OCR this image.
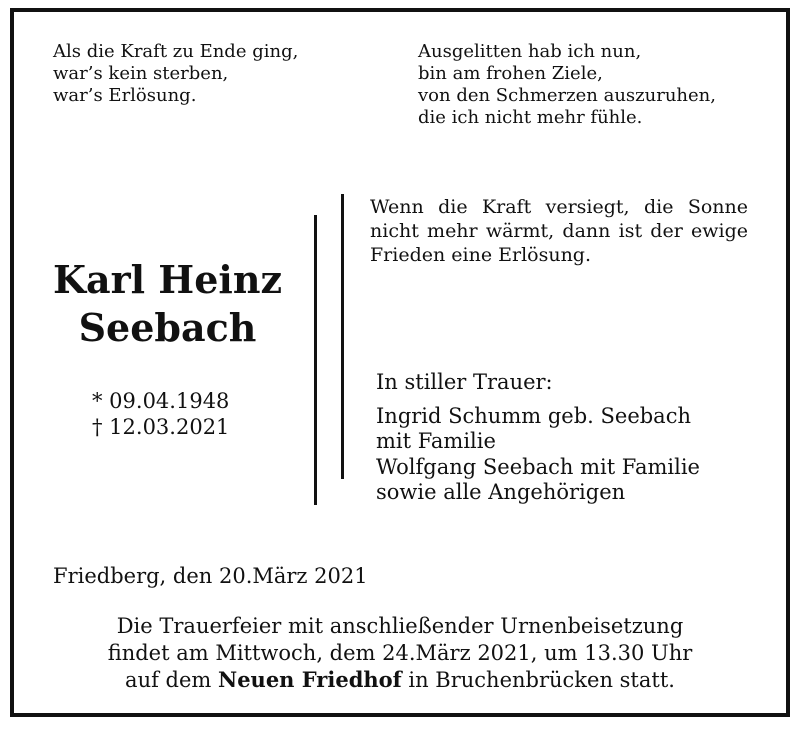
Als die Kraft zu Ende ging,
war’s kein sterben,
war’s Erlösung.
Ausgelitten hab ich nun,
bin am frohen Ziele,
von den Schmerzen auszuruhen,
die ich nicht mehr fühle.
Karl Heinz
Seebach
* 09.04.1948
† 12.03.2021
Wenn die Kraft versiegt, die Sonne nicht mehr wärmt, dann ist der ewige Frieden eine Erlösung.
In stiller Trauer:
Ingrid Schumm geb. Seebach
mit Familie
Wolfgang Seebach mit Familie
sowie alle Angehörigen
Friedberg, den 20.März 2021
Die Trauerfeier mit anschließender Urnenbeisetzung
findet am Mittwoch, dem 24.März 2021, um 13.30 Uhr
auf dem Neuen Friedhof in Bruchenbrücken statt.
